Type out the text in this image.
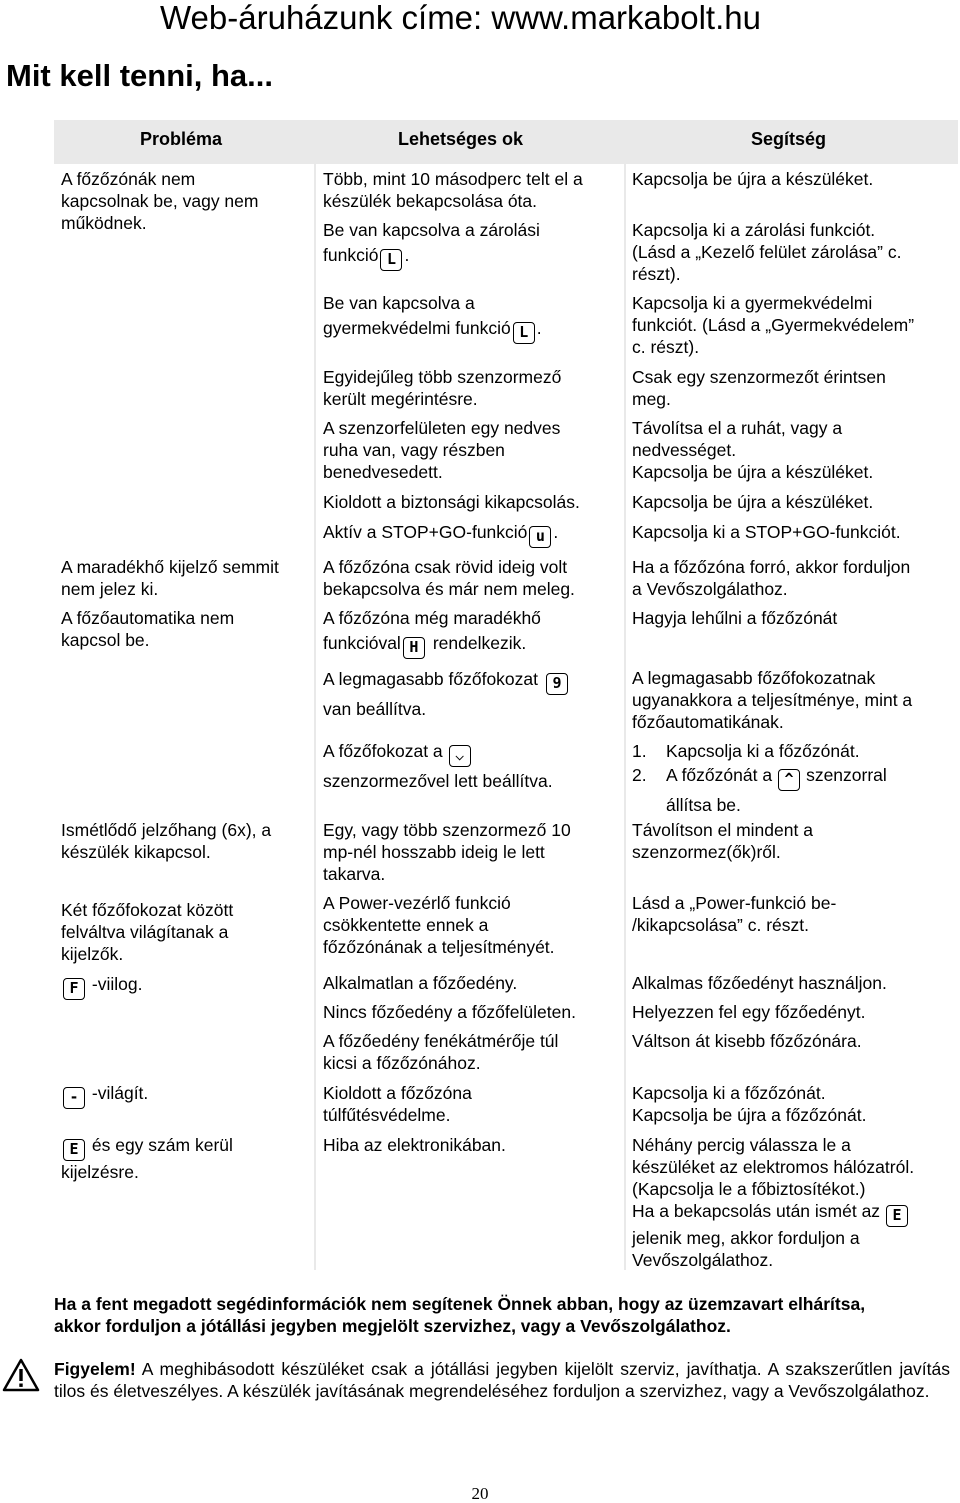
Web-áruházunk címe: www.markabolt.hu
Mit kell tenni, ha...
Probléma	Lehetséges ok	Segítség
A főzőzónák nem
kapcsolnak be, vagy nem
működnek.
A maradékhő kijelző semmit
nem jelez ki.
A főzőautomatika nem
kapcsol be.
Ismétlődő jelzőhang (6x), a
készülék kikapcsol.
Két főzőfokozat között
felváltva világítanak a
kijelzők.
F -viilog.
- -világít.
E és egy szám kerül
kijelzésre.
Több, mint 10 másodperc telt el a
készülék bekapcsolása óta.
Be van kapcsolva a zárolási
funkció L .
Be van kapcsolva a
gyermekvédelmi funkció L .
Egyidejűleg több szenzormező
került megérintésre.
A szenzorfelületen egy nedves
ruha van, vagy részben
benedvesedett.
Kioldott a biztonsági kikapcsolás.
Aktív a STOP+GO-funkció u .
A főzőzóna csak rövid ideig volt
bekapcsolva és már nem meleg.
A főzőzóna még maradékhő
funkcióval H rendelkezik.
A legmagasabb főzőfokozat 9
van beállítva.
A főzőfokozat a ⌵
szenzormezővel lett beállítva.
Egy, vagy több szenzormező 10
mp-nél hosszabb ideig le lett
takarva.
A Power-vezérlő funkció
csökkentette ennek a
főzőzónának a teljesítményét.
Alkalmatlan a főzőedény.
Nincs főzőedény a főzőfelületen.
A főzőedény fenékátmérője túl
kicsi a főzőzónához.
Kioldott a főzőzóna
túlfűtésvédelme.
Hiba az elektronikában.
Kapcsolja be újra a készüléket.
Kapcsolja ki a zárolási funkciót.
(Lásd a „Kezelő felület zárolása” c.
részt).
Kapcsolja ki a gyermekvédelmi
funkciót. (Lásd a „Gyermekvédelem”
c. részt).
Csak egy szenzormezőt érintsen
meg.
Távolítsa el a ruhát, vagy a
nedvességet.
Kapcsolja be újra a készüléket.
Kapcsolja be újra a készüléket.
Kapcsolja ki a STOP+GO-funkciót.
Ha a főzőzóna forró, akkor forduljon
a Vevőszolgálathoz.
Hagyja lehűlni a főzőzónát
A legmagasabb főzőfokozatnak
ugyanakkora a teljesítménye, mint a
főzőautomatikának.
1. Kapcsolja ki a főzőzónát.
2. A főzőzónát a ^ szenzorral
állítsa be.
Távolítson el mindent a
szenzormez(ők)ről.
Lásd a „Power-funkció be-
/kikapcsolása” c. részt.
Alkalmas főzőedényt használjon.
Helyezzen fel egy főzőedényt.
Váltson át kisebb főzőzónára.
Kapcsolja ki a főzőzónát.
Kapcsolja be újra a főzőzónát.
Néhány percig válassza le a
készüléket az elektromos hálózatról.
(Kapcsolja le a főbiztosítékot.)
Ha a bekapcsolás után ismét az E
jelenik meg, akkor forduljon a
Vevőszolgálathoz.
Ha a fent megadott segédinformációk nem segítenek Önnek abban, hogy az üzemzavart elhárítsa,
akkor forduljon a jótállási jegyben megjelölt szervizhez, vagy a Vevőszolgálathoz.
Figyelem! A meghibásodott készüléket csak a jótállási jegyben kijelölt szerviz, javíthatja. A szakszerűtlen javítás tilos és életveszélyes. A készülék javításának megrendeléséhez forduljon a szervizhez, vagy a Vevőszolgálathoz.
20
